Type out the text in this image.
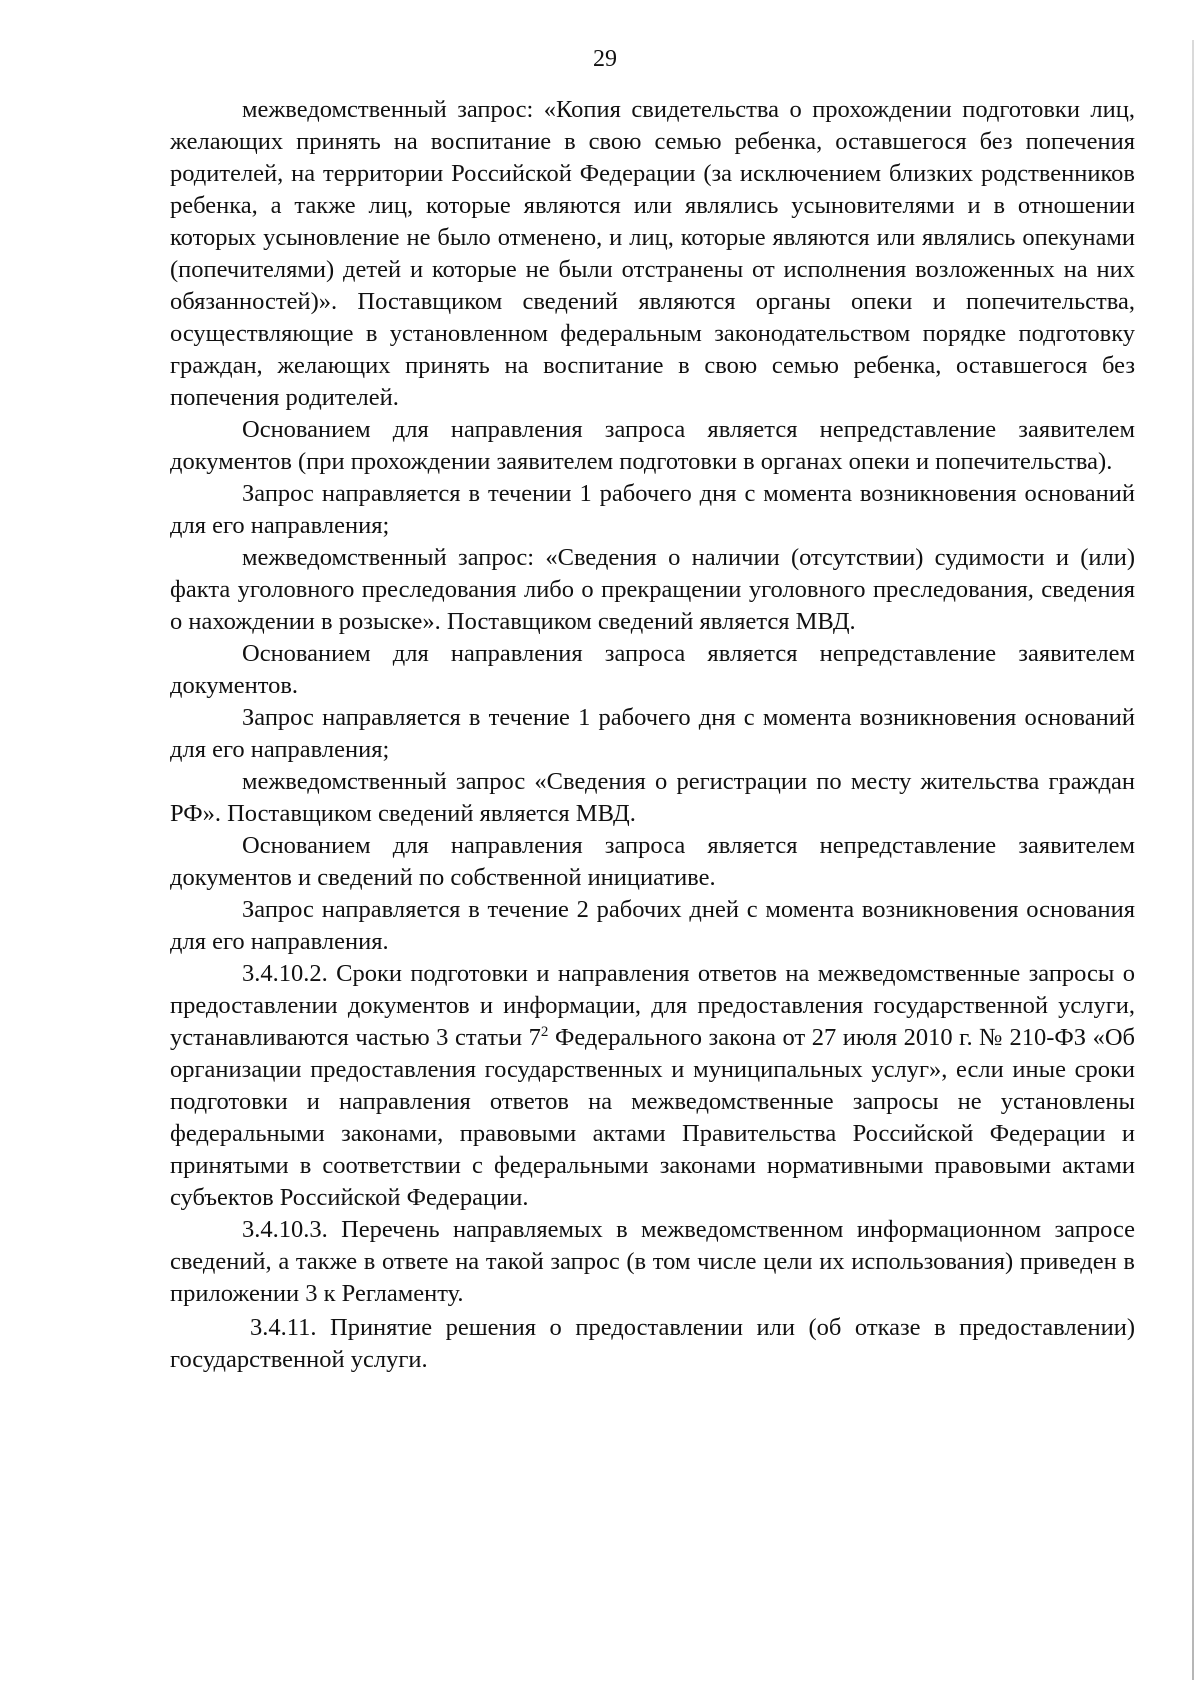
29

межведомственный запрос: «Копия свидетельства о прохождении подготовки лиц, желающих принять на воспитание в свою семью ребенка, оставшегося без попечения родителей, на территории Российской Федерации (за исключением близких родственников ребенка, а также лиц, которые являются или являлись усыновителями и в отношении которых усыновление не было отменено, и лиц, которые являются или являлись опекунами (попечителями) детей и которые не были отстранены от исполнения возложенных на них обязанностей)». Поставщиком сведений являются органы опеки и попечительства, осуществляющие в установленном федеральным законодательством порядке подготовку граждан, желающих принять на воспитание в свою семью ребенка, оставшегося без попечения родителей.

Основанием для направления запроса является непредставление заявителем документов (при прохождении заявителем подготовки в органах опеки и попечительства).

Запрос направляется в течении 1 рабочего дня с момента возникновения оснований для его направления;

межведомственный запрос: «Сведения о наличии (отсутствии) судимости и (или) факта уголовного преследования либо о прекращении уголовного преследования, сведения о нахождении в розыске». Поставщиком сведений является МВД.

Основанием для направления запроса является непредставление заявителем документов.

Запрос направляется в течение 1 рабочего дня с момента возникновения оснований для его направления;

межведомственный запрос «Сведения о регистрации по месту жительства граждан РФ». Поставщиком сведений является МВД.

Основанием для направления запроса является непредставление заявителем документов и сведений по собственной инициативе.

Запрос направляется в течение 2 рабочих дней с момента возникновения основания для его направления.

3.4.10.2. Сроки подготовки и направления ответов на межведомственные запросы о предоставлении документов и информации, для предоставления государственной услуги, устанавливаются частью 3 статьи $7^2$ Федерального закона от 27 июля 2010 г. № 210-ФЗ «Об организации предоставления государственных и муниципальных услуг», если иные сроки подготовки и направления ответов на межведомственные запросы не установлены федеральными законами, правовыми актами Правительства Российской Федерации и принятыми в соответствии с федеральными законами нормативными правовыми актами субъектов Российской Федерации.

3.4.10.3. Перечень направляемых в межведомственном информационном запросе сведений, а также в ответе на такой запрос (в том числе цели их использования) приведен в приложении 3 к Регламенту.

3.4.11. Принятие решения о предоставлении или (об отказе в предоставлении) государственной услуги.
